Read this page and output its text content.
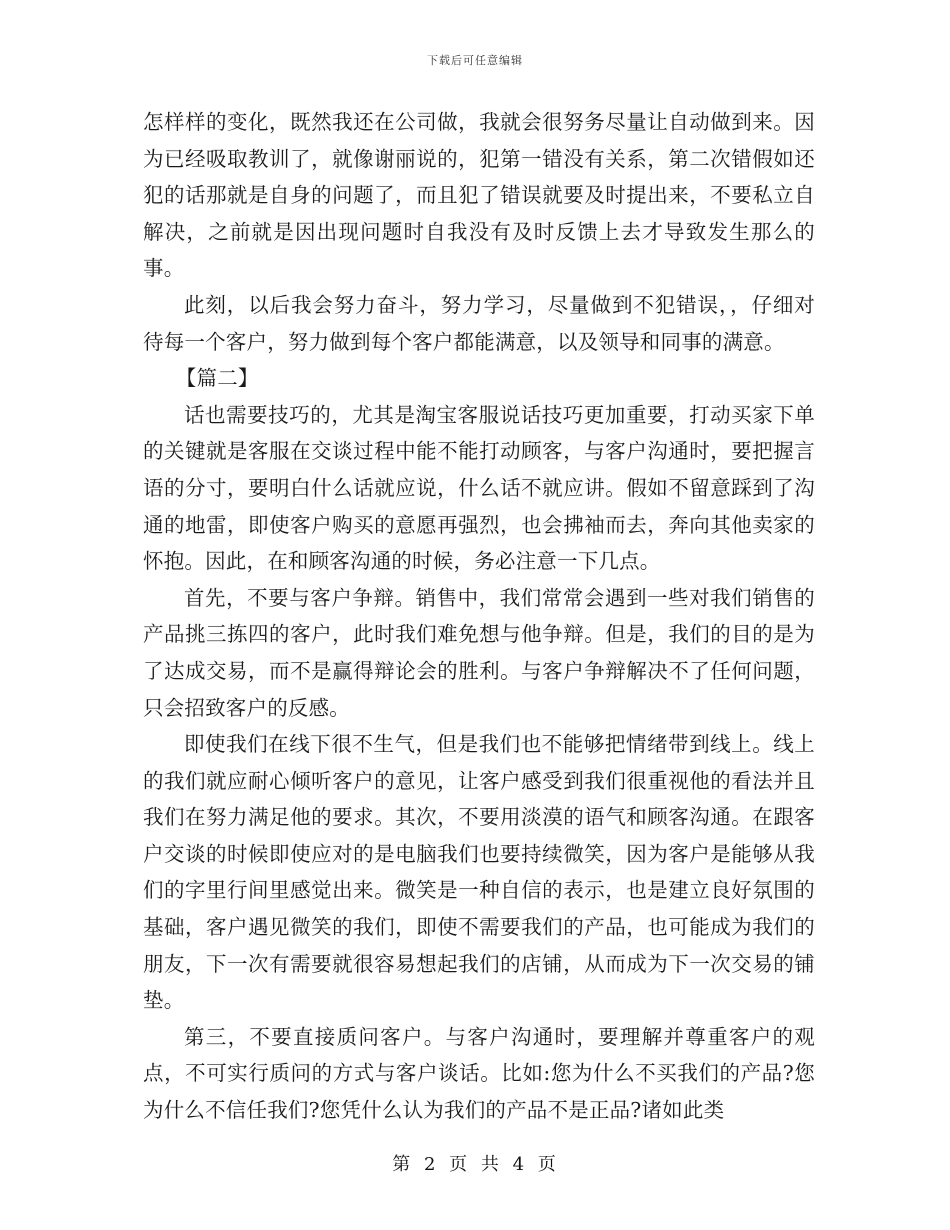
下载后可任意编辑

怎样样的变化，既然我还在公司做，我就会很努务尽量让自动做到来。因为已经吸取教训了，就像谢丽说的，犯第一错没有关系，第二次错假如还犯的话那就是自身的问题了，而且犯了错误就要及时提出来，不要私立自解决，之前就是因出现问题时自我没有及时反馈上去才导致发生那么的事。

此刻，以后我会努力奋斗，努力学习，尽量做到不犯错误，，仔细对待每一个客户，努力做到每个客户都能满意，以及领导和同事的满意。

【篇二】

话也需要技巧的，尤其是淘宝客服说话技巧更加重要，打动买家下单的关键就是客服在交谈过程中能不能打动顾客，与客户沟通时，要把握言语的分寸，要明白什么话就应说，什么话不就应讲。假如不留意踩到了沟通的地雷，即使客户购买的意愿再强烈，也会拂袖而去，奔向其他卖家的怀抱。因此，在和顾客沟通的时候，务必注意一下几点。

首先，不要与客户争辩。销售中，我们常常会遇到一些对我们销售的产品挑三拣四的客户，此时我们难免想与他争辩。但是，我们的目的是为了达成交易，而不是赢得辩论会的胜利。与客户争辩解决不了任何问题，只会招致客户的反感。

即使我们在线下很不生气，但是我们也不能够把情绪带到线上。线上的我们就应耐心倾听客户的意见，让客户感受到我们很重视他的看法并且我们在努力满足他的要求。其次，不要用淡漠的语气和顾客沟通。在跟客户交谈的时候即使应对的是电脑我们也要持续微笑，因为客户是能够从我们的字里行间里感觉出来。微笑是一种自信的表示，也是建立良好氛围的基础，客户遇见微笑的我们，即使不需要我们的产品，也可能成为我们的朋友，下一次有需要就很容易想起我们的店铺，从而成为下一次交易的铺垫。

第三，不要直接质问客户。与客户沟通时，要理解并尊重客户的观点，不可实行质问的方式与客户谈话。比如:您为什么不买我们的产品?您为什么不信任我们?您凭什么认为我们的产品不是正品?诸如此类

第 2 页 共 4 页
